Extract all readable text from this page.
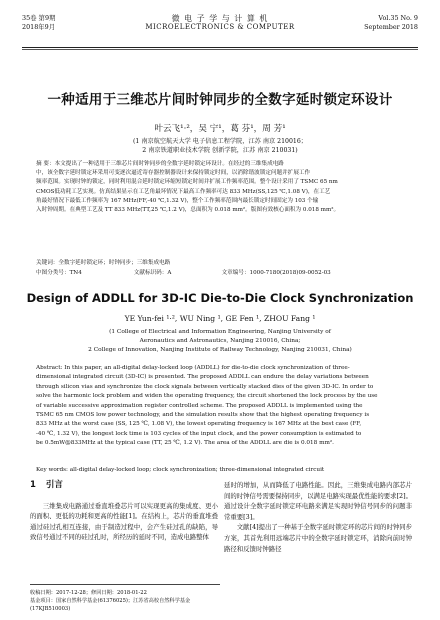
35卷 第9期
2018年9月
微 电 子 学 与 计 算 机
MICROELECTRONICS & COMPUTER
Vol.35 No. 9
September 2018
一种适用于三维芯片间时钟同步的全数字延时锁定环设计
叶云飞¹·²，吴 宁¹，葛 芬¹，周 芳¹
(1 南京航空航天大学 电子信息工程学院，江苏 南京 210016；
2 南京铁道职业技术学院 创新学院，江苏 南京 210031)
摘 要：本文提出了一种适用于三维芯片间时钟同步的全数字延时锁定环设计。在经过的三维集成电路
中，该全数字延时锁定环采用可变逐次逼近寄存器控制器设计来保持锁定时间，以消除谐波锁定问题并扩展工作
频率范围。实现时钟的锁定，同时利用混合延时锁定环缩短锁定时间并扩展工作频率范围。整个设计采用了 TSMC 65 nm
CMOS低功耗工艺实现。仿真结果显示在工艺角最坏情况下最高工作频率可达 833 MHz(SS,125 ℃,1.08 V)，在工艺
角最好情况下最低工作频率为 167 MHz(FF,-40 ℃,1.32 V)，整个工作频率范围内最长锁定时间固定为 103 个输
入时钟周期。在典型工艺及 TT 833 MHz(TT,25 ℃,1.2 V)，总面积为 0.018 mm²。版图有效核心面积为 0.018 mm²。
关键词：全数字延时锁定环；时钟同步；三维集成电路
中图分类号：TN4	文献标识码：A	文章编号：1000-7180(2018)09-0052-03
Design of ADDLL for 3D-IC Die-to-Die Clock Synchronization
YE Yun-fei ¹·², WU Ning ¹, GE Fen ¹, ZHOU Fang ¹
(1 College of Electrical and Information Engineering, Nanjing University of
Aeronautics and Astronautics, Nanjing 210016, China;
2 College of Innovation, Nanjing Institute of Railway Technology, Nanjing 210031, China)
Abstract: In this paper, an all-digital delay-locked loop (ADDLL) for die-to-die clock synchronization of three-
dimensional integrated circuit (3D-IC) is presented. The proposed ADDLL can endure the delay variations between
through silicon vias and synchronize the clock signals between vertically stacked dies of the given 3D-IC. In order to
solve the harmonic lock problem and widen the operating frequency, the circuit shortened the lock process by the use
of variable successive approximation register controlled scheme. The proposed ADDLL is implemented using the
TSMC 65 nm CMOS low power technology, and the simulation results show that the highest operating frequency is
833 MHz at the worst case (SS, 125 ℃, 1.08 V), the lowest operating frequency is 167 MHz at the best case (FF,
-40 ℃, 1.32 V), the longest lock time is 103 cycles of the input clock, and the power consumption is estimated to
be 0.5mW@833MHz at the typical case (TT, 25 ℃, 1.2 V). The area of the ADDLL are die is 0.018 mm².
Key words: all-digital delay-locked loop; clock synchronization; three-dimensional integrated circuit
1 引言

三维集成电路通过垂直堆叠芯片可以实现更高的集成度、更小的面积、更低的功耗和更高的性能[1]。在结构上，芯片的垂直堆叠通过硅过孔相互连接，由于制造过程中，会产生硅过孔的缺陷，导致信号通过不同的硅过孔时，所经历的延时不同，造成电路整体

延时的增加，从而降低了电路性能。因此，三维集成电路内部芯片间的时钟信号需要保持同步，以满足电路实现最优性能的要求[2]。通过设计全数字延时锁定环电路来满足实现时钟信号同步的问题非常重要[3]。

文献[4]提出了一种基于全数字延时锁定环的芯片间的时钟同步方案，其首先利用远端芯片中的全数字延时锁定环，消除向前时钟路径和反馈时钟路径

收稿日期：2017-12-28；修回日期：2018-01-22
基金项目：国家自然科学基金(61376025)；江苏省高校自然科学基金(17KJB510003)
